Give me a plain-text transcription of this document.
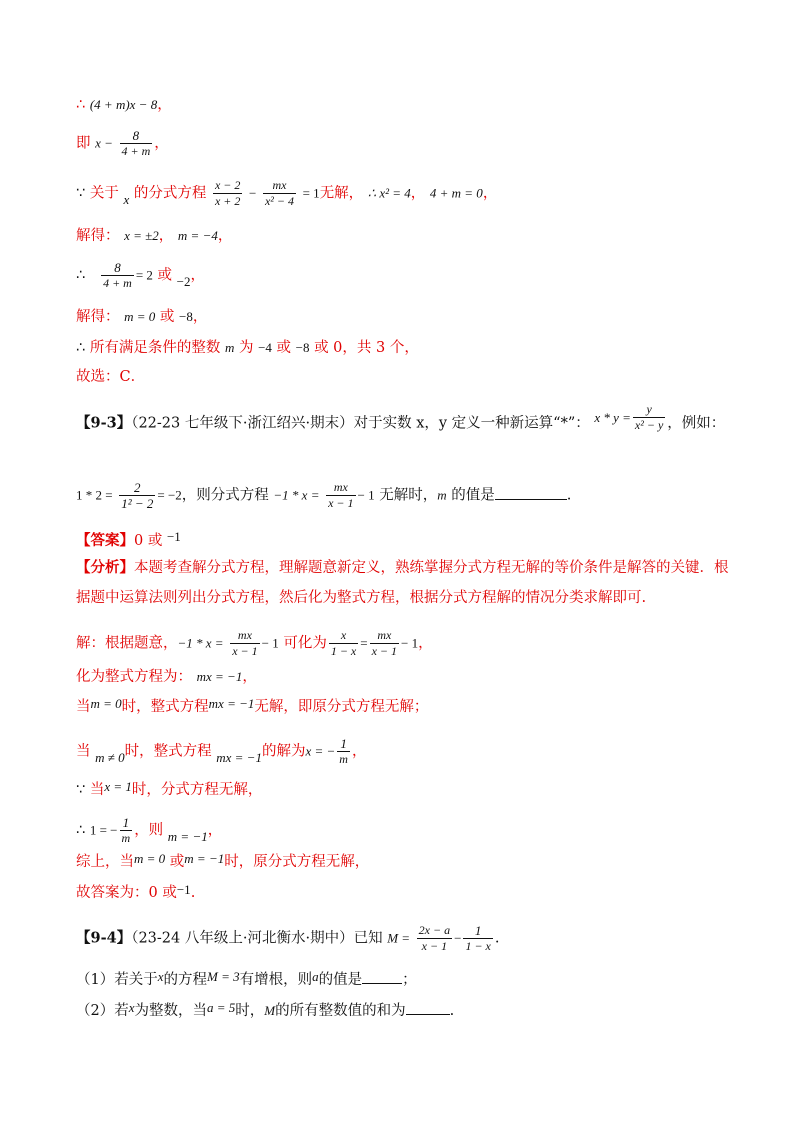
∴ (4 + m)x − 8，
即 $x - \frac{8}{4 + m}$ ，
∵ 关于 x 的分式方程 $\frac{x - 2}{x + 2} - \frac{mx}{\text{x² − 4}} = 1$无解， ∴ x² = 4， 4 + m = 0，
解得： x = ±2， m = −4，
∴ $\frac{8}{4 + m} = 2$ 或 −2，
解得： m = 0 或 −8，
∴ 所有满足条件的整数 m 为 −4 或 −8 或 0，共 3 个，
故选：C．
【9-3】（22-23 七年级下·浙江绍兴·期末）对于实数 x，y 定义一种新运算“*”： $x * y = \frac{y}{\text{x² − y}}$ ，例如：
$1 * 2 = \frac{2}{\text{1² − 2}} = -2$，则分式方程 $-1 * x = \frac{mx}{x - 1} - 1$ 无解时，m 的值是	.
【答案】0 或 −1
【分析】本题考查解分式方程，理解题意新定义，熟练掌握分式方程无解的等价条件是解答的关键．根
据题中运算法则列出分式方程，然后化为整式方程，根据分式方程解的情况分类求解即可.
解：根据题意，$-1 * x = \frac{mx}{x - 1} - 1$ 可化为 $\frac{x}{1 - x} = \frac{mx}{x - 1} - 1$，
化为整式方程为： mx = −1，
当m = 0时，整式方程mx = −1无解，即原分式方程无解；
当 m ≠ 0时，整式方程 mx = −1的解为x = − $\frac{1}{m}$ ，
∵ 当x = 1时，分式方程无解，
∴ 1 = − $\frac{1}{m}$ ，则 m = −1，
综上，当m = 0 或m = −1时，原分式方程无解，
故答案为：0 或−1.
【9-4】（23-24 八年级上·河北衡水·期中）已知 $M = \frac{2x - a}{x - 1} - \frac{1}{1 - x}$ .
（1）若关于x的方程M = 3有增根，则a的值是	；
（2）若x为整数，当a = 5时，M的所有整数值的和为	.
